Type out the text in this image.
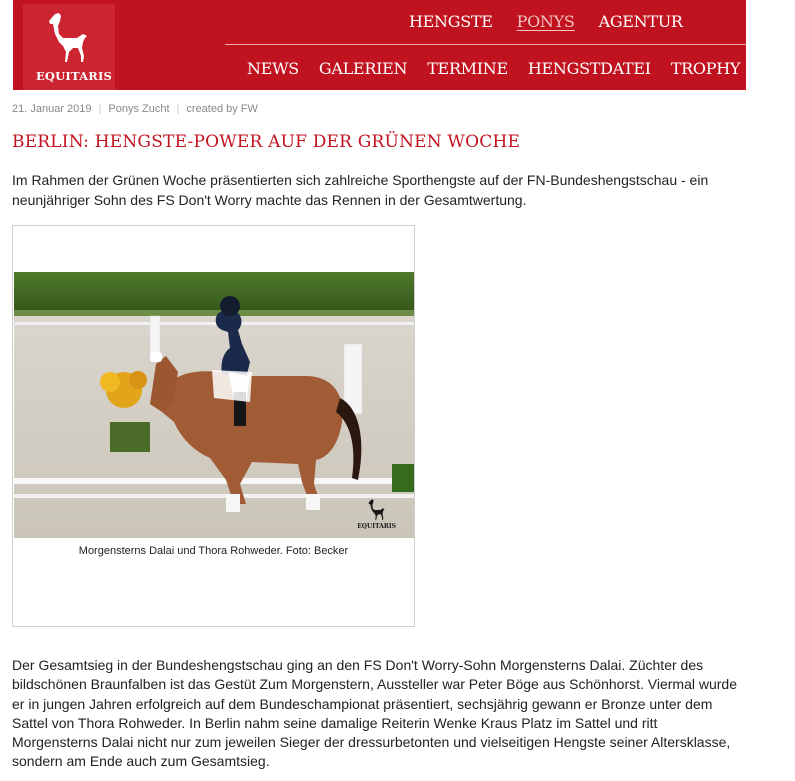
EQUITARIS
HENGSTE PONYS AGENTUR
NEWS GALERIEN TERMINE HENGSTDATEI TROPHY ARC
21. Januar 2019 | Ponys Zucht | created by FW
BERLIN: HENGSTE-POWER AUF DER GRÜNEN WOCHE

Im Rahmen der Grünen Woche präsentierten sich zahlreiche Sporthengste auf der FN-Bundeshengstschau - ein neunjähriger Sohn des FS Don't Worry machte das Rennen in der Gesamtwertung.

EQUITARIS
Morgensterns Dalai und Thora Rohweder. Foto: Becker

Der Gesamtsieg in der Bundeshengstschau ging an den FS Don't Worry-Sohn Morgensterns Dalai. Züchter des bildschönen Braunfalben ist das Gestüt Zum Morgenstern, Aussteller war Peter Böge aus Schönhorst. Viermal wurde er in jungen Jahren erfolgreich auf dem Bundeschampionat präsentiert, sechsjährig gewann er Bronze unter dem Sattel von Thora Rohweder. In Berlin nahm seine damalige Reiterin Wenke Kraus Platz im Sattel und ritt Morgensterns Dalai nicht nur zum jeweilen Sieger der dressurbetonten und vielseitigen Hengste seiner Altersklasse, sondern am Ende auch zum Gesamtsieg.
